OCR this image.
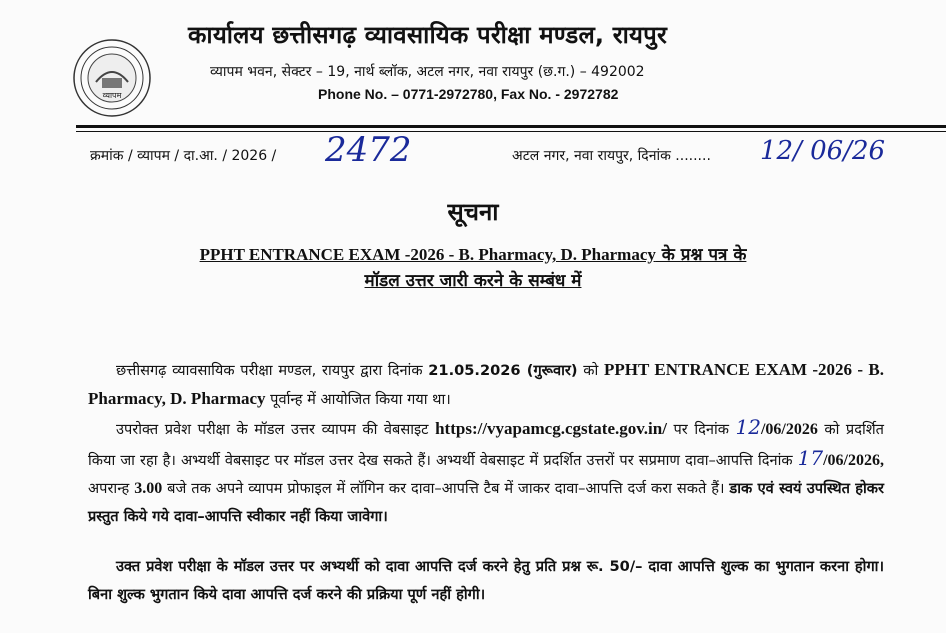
व्यापम
कार्यालय छत्तीसगढ़ व्यावसायिक परीक्षा मण्डल, रायपुर
व्यापम भवन, सेक्टर – 19, नार्थ ब्लॉक, अटल नगर, नवा रायपुर (छ.ग.) – 492002
Phone No. – 0771-2972780, Fax No. - 2972782
क्रमांक / व्यापम / दा.आ. / 2026 / 2472	अटल नगर, नवा रायपुर, दिनांक ........ 12/ 06/26
सूचना
PPHT ENTRANCE EXAM -2026 - B. Pharmacy, D. Pharmacy के प्रश्न पत्र के
मॉडल उत्तर जारी करने के सम्बंध में
छत्तीसगढ़ व्यावसायिक परीक्षा मण्डल, रायपुर द्वारा दिनांक 21.05.2026 (गुरूवार) को PPHT ENTRANCE EXAM -2026 - B. Pharmacy, D. Pharmacy पूर्वान्ह में आयोजित किया गया था।
उपरोक्त प्रवेश परीक्षा के मॉडल उत्तर व्यापम की वेबसाइट https://vyapamcg.cgstate.gov.in/ पर दिनांक 12/06/2026 को प्रदर्शित किया जा रहा है। अभ्यर्थी वेबसाइट पर मॉडल उत्तर देख सकते हैं। अभ्यर्थी वेबसाइट में प्रदर्शित उत्तरों पर सप्रमाण दावा–आपत्ति दिनांक 17/06/2026, अपरान्ह 3.00 बजे तक अपने व्यापम प्रोफाइल में लॉगिन कर दावा–आपत्ति टैब में जाकर दावा–आपत्ति दर्ज करा सकते हैं। डाक एवं स्वयं उपस्थित होकर प्रस्तुत किये गये दावा–आपत्ति स्वीकार नहीं किया जावेगा।
उक्त प्रवेश परीक्षा के मॉडल उत्तर पर अभ्यर्थी को दावा आपत्ति दर्ज करने हेतु प्रति प्रश्न रू. 50/– दावा आपत्ति शुल्क का भुगतान करना होगा। बिना शुल्क भुगतान किये दावा आपत्ति दर्ज करने की प्रक्रिया पूर्ण नहीं होगी।
